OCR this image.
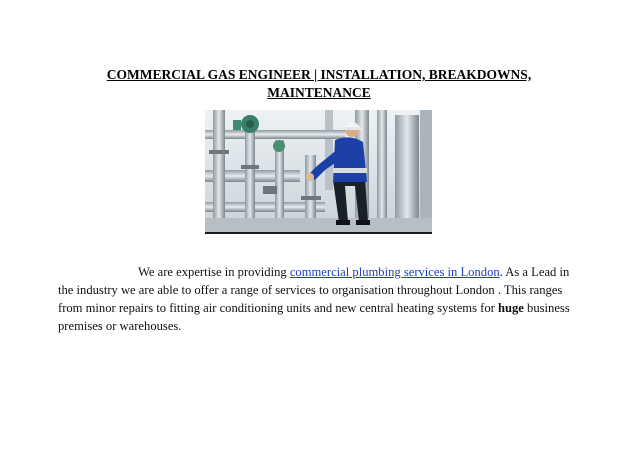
COMMERCIAL GAS ENGINEER | INSTALLATION, BREAKDOWNS, MAINTENANCE

We are expertise in providing commercial plumbing services in London. As a Lead in the industry we are able to offer a range of services to organisation throughout London . This ranges from minor repairs to fitting air conditioning units and new central heating systems for huge business premises or warehouses.
